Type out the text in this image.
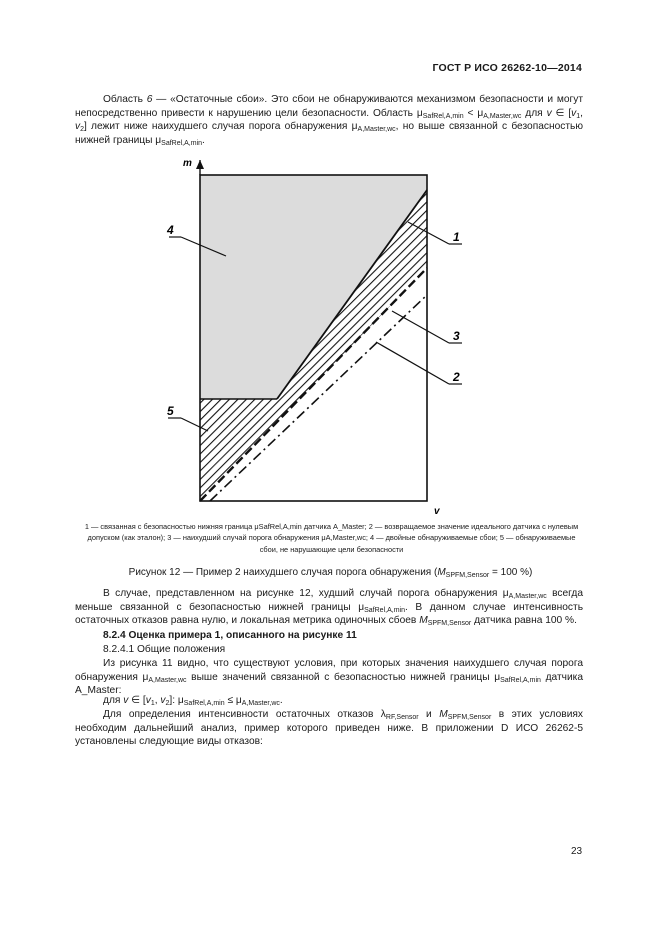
ГОСТ Р ИСО 26262-10—2014
Область 6 — «Остаточные сбои». Это сбои не обнаруживаются механизмом безопасности и могут непосредственно привести к нарушению цели безопасности. Область $\mu_{SafRel,A,min} < \mu_{A,Master,wc}$ для v ∈ [$v_1$, $v_2$] лежит ниже наихудшего случая порога обнаружения $\mu_{A,Master,wc}$, но выше связанной с безопасностью нижней границы $\mu_{SafRel,A,min}$.
m
v
4
5
1
3
2
1 — связанная с безопасностью нижняя граница μSafRel,A,min датчика A_Master; 2 — возвращаемое значение идеального датчика с нулевым допуском (как эталон); 3 — наихудший случай порога обнаружения μA,Master,wc; 4 — двойные обнаруживаемые сбои; 5 — обнаруживаемые сбои, не нарушающие цели безопасности
Рисунок 12 — Пример 2 наихудшего случая порога обнаружения ($M_{SPFM,Sensor} = 100$ %)
В случае, представленном на рисунке 12, худший случай порога обнаружения $\mu_{A,Master,wc}$ всегда меньше связанной с безопасностью нижней границы $\mu_{SafRel,A,min}$. В данном случае интенсивность остаточных отказов равна нулю, и локальная метрика одиночных сбоев $M_{SPFM,Sensor}$ датчика равна 100 %.
8.2.4 Оценка примера 1, описанного на рисунке 11
8.2.4.1 Общие положения
Из рисунка 11 видно, что существуют условия, при которых значения наихудшего случая порога обнаружения $\mu_{A,Master,wc}$ выше значений связанной с безопасностью нижней границы $\mu_{SafRel,A,min}$ датчика A_Master:
для v ∈ [$v_1$, $v_2$]: $\mu_{SafRel,A,min} \le \mu_{A,Master,wc}$.
Для определения интенсивности остаточных отказов $\lambda_{RF,Sensor}$ и $M_{SPFM,Sensor}$ в этих условиях необходим дальнейший анализ, пример которого приведен ниже. В приложении D ИСО 26262-5 установлены следующие виды отказов:
23
